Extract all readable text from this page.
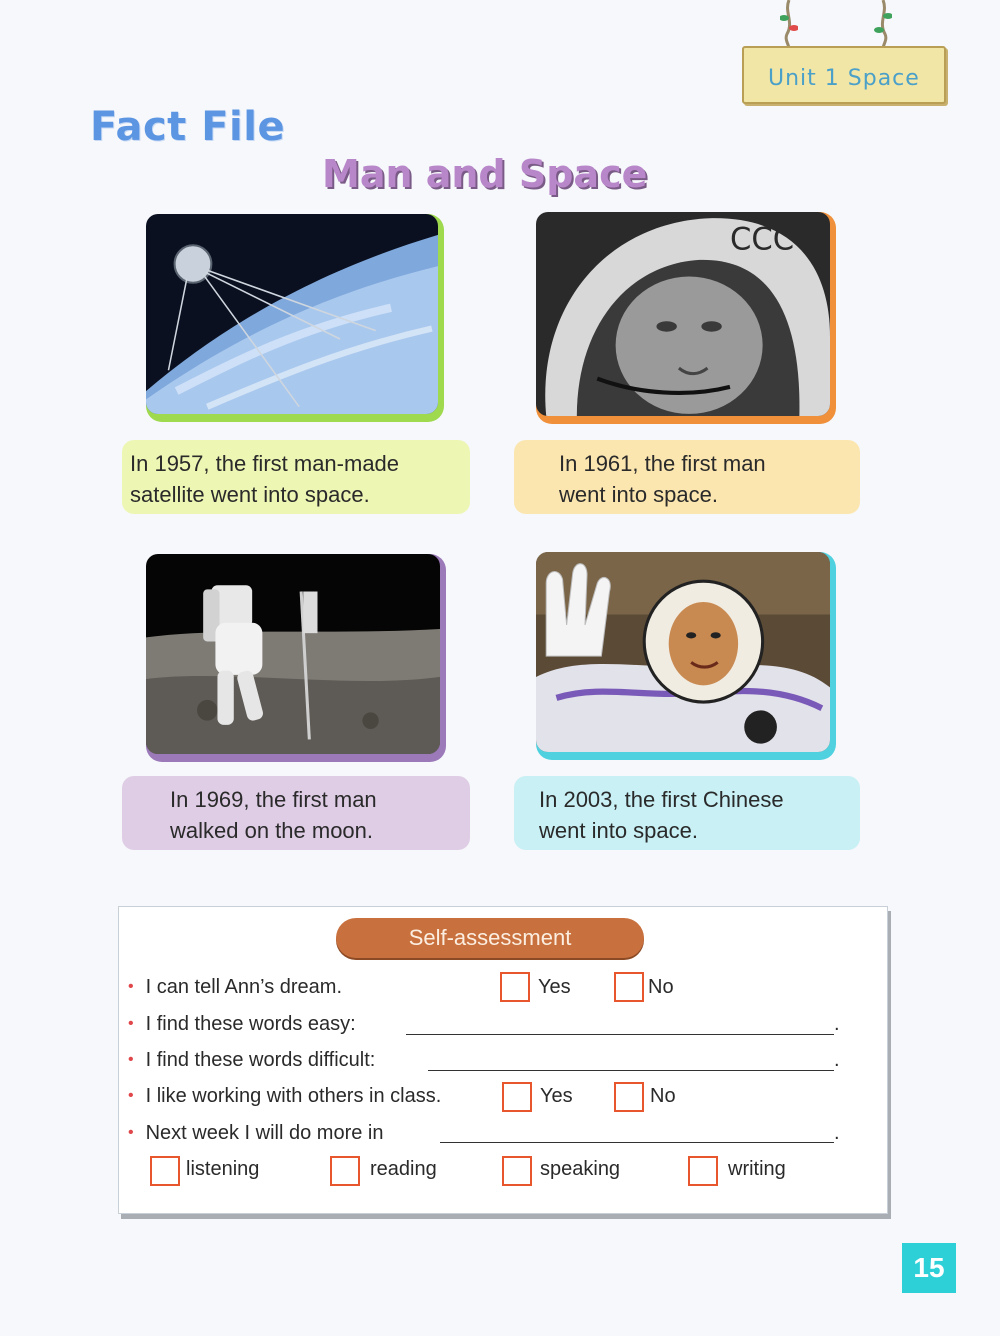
Unit 1 Space
Fact File
Man and Space
CCC
In 1957, the first man-made
satellite went into space.
In 1961, the first man
went into space.
In 1969, the first man
walked on the moon.
In 2003, the first Chinese
went into space.
Self-assessment
• I can tell Ann’s dream.	Yes	No
• I find these words easy:	.
• I find these words difficult:	.
• I like working with others in class.	Yes	No
• Next week I will do more in	.
listening	reading	speaking	writing
15
